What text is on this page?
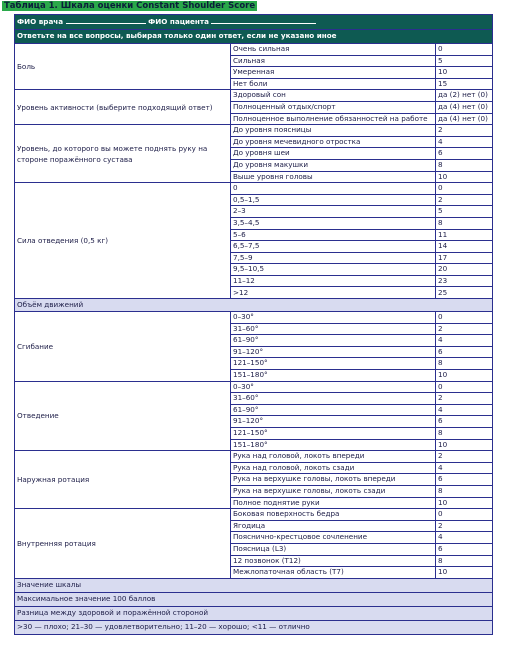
Таблица 1. Шкала оценки Constant Shoulder Score
ФИО врача ФИО пациента		
Ответьте на все вопросы, выбирая только один ответ, если не указано иное		
Боль	Очень сильная	0
	Сильная	5
	Умеренная	10
	Нет боли	15
Уровень активности (выберите подходящий ответ)	Здоровый сон	да (2) нет (0)
	Полноценный отдых/спорт	да (4) нет (0)
	Полноценное выполнение обязанностей на работе	да (4) нет (0)
Уровень, до которого вы можете поднять руку на стороне поражённого сустава	До уровня поясницы	2
	До уровня мечевидного отростка	4
	До уровня шеи	6
	До уровня макушки	8
	Выше уровня головы	10
Сила отведения (0,5 кг)	0	0
	0,5–1,5	2
	2–3	5
	3,5–4,5	8
	5–6	11
	6,5–7,5	14
	7,5–9	17
	9,5–10,5	20
	11–12	23
	>12	25
Объём движений		
Сгибание	0–30°	0
	31–60°	2
	61–90°	4
	91–120°	6
	121–150°	8
	151–180°	10
Отведение	0–30°	0
	31–60°	2
	61–90°	4
	91–120°	6
	121–150°	8
	151–180°	10
Наружная ротация	Рука над головой, локоть впереди	2
	Рука над головой, локоть сзади	4
	Рука на верхушке головы, локоть впереди	6
	Рука на верхушке головы, локоть сзади	8
	Полное поднятие руки	10
Внутренняя ротация	Боковая поверхность бедра	0
	Ягодица	2
	Пояснично-крестцовое сочленение	4
	Поясница (L3)	6
	12 позвонок (T12)	8
	Межлопаточная область (T7)	10
Значение шкалы		
Максимальное значение 100 баллов		
Разница между здоровой и поражённой стороной		
>30 — плохо; 21–30 — удовлетворительно; 11–20 — хорошо; <11 — отлично		
